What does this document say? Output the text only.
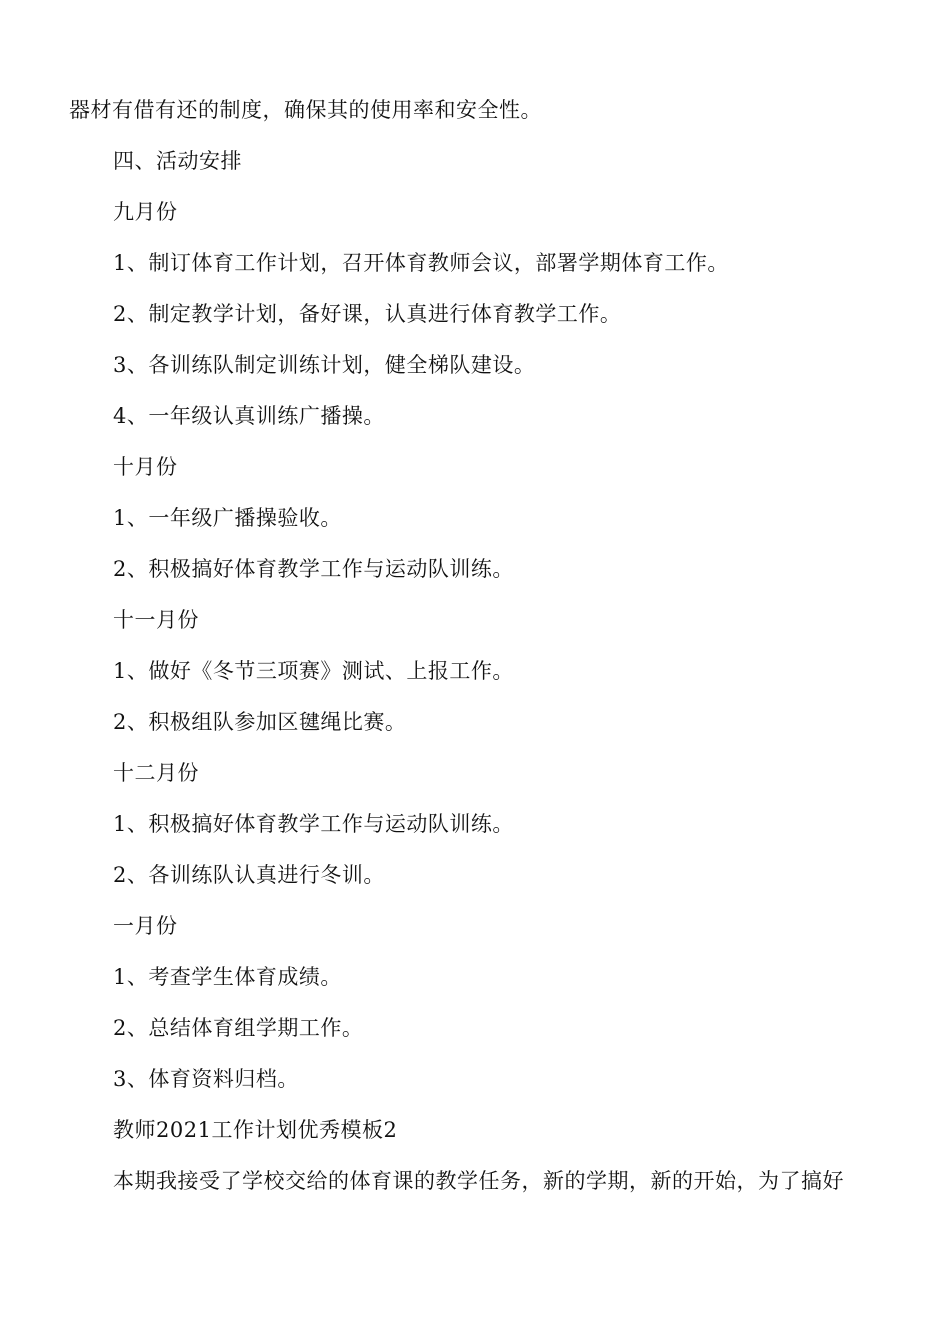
器材有借有还的制度，确保其的使用率和安全性。
四、活动安排
九月份
1、制订体育工作计划，召开体育教师会议，部署学期体育工作。
2、制定教学计划，备好课，认真进行体育教学工作。
3、各训练队制定训练计划，健全梯队建设。
4、一年级认真训练广播操。
十月份
1、一年级广播操验收。
2、积极搞好体育教学工作与运动队训练。
十一月份
1、做好《冬节三项赛》测试、上报工作。
2、积极组队参加区毽绳比赛。
十二月份
1、积极搞好体育教学工作与运动队训练。
2、各训练队认真进行冬训。
一月份
1、考查学生体育成绩。
2、总结体育组学期工作。
3、体育资料归档。
教师2021工作计划优秀模板2
本期我接受了学校交给的体育课的教学任务，新的学期，新的开始，为了搞好
